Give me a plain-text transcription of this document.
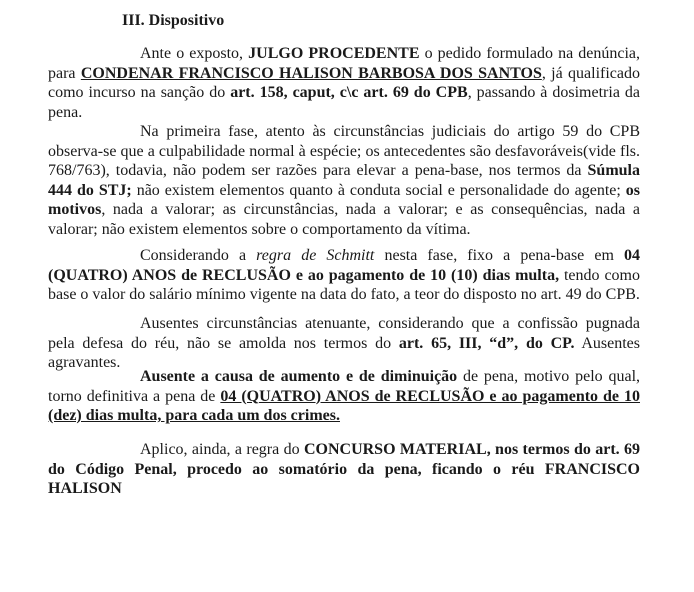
III. Dispositivo

Ante o exposto, JULGO PROCEDENTE o pedido formulado na denúncia, para CONDENAR FRANCISCO HALISON BARBOSA DOS SANTOS, já qualificado como incurso na sanção do art. 158, caput, c\c art. 69 do CPB, passando à dosimetria da pena.

Na primeira fase, atento às circunstâncias judiciais do artigo 59 do CPB observa-se que a culpabilidade normal à espécie; os antecedentes são desfavoráveis(vide fls. 768/763), todavia, não podem ser razões para elevar a pena-base, nos termos da Súmula 444 do STJ; não existem elementos quanto à conduta social e personalidade do agente; os motivos, nada a valorar; as circunstâncias, nada a valorar; e as consequências, nada a valorar; não existem elementos sobre o comportamento da vítima.

Considerando a regra de Schmitt nesta fase, fixo a pena-base em 04 (QUATRO) ANOS de RECLUSÃO e ao pagamento de 10 (10) dias multa, tendo como base o valor do salário mínimo vigente na data do fato, a teor do disposto no art. 49 do CPB.

Ausentes circunstâncias atenuante, considerando que a confissão pugnada pela defesa do réu, não se amolda nos termos do art. 65, III, “d”, do CP. Ausentes agravantes.

Ausente a causa de aumento e de diminuição de pena, motivo pelo qual, torno definitiva a pena de 04 (QUATRO) ANOS de RECLUSÃO e ao pagamento de 10 (dez) dias multa, para cada um dos crimes.

Aplico, ainda, a regra do CONCURSO MATERIAL, nos termos do art. 69 do Código Penal, procedo ao somatório da pena, ficando o réu FRANCISCO HALISON
